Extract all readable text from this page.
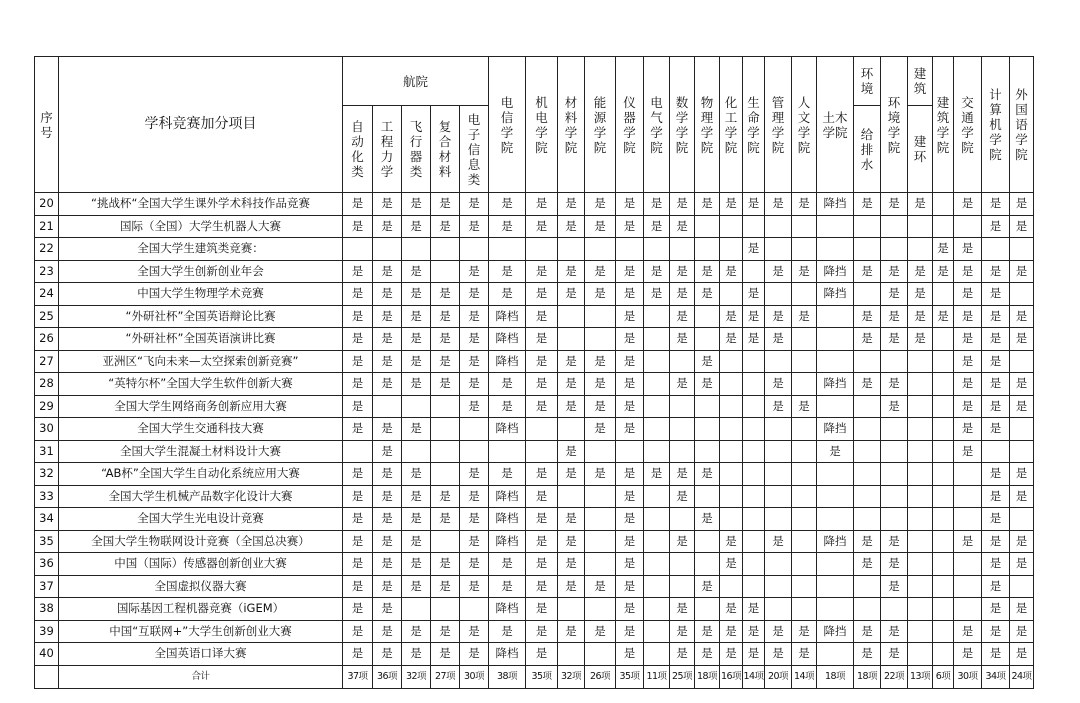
序号	学科竞赛加分项目	航院					电信学院	机电学院	材料学院	能源学院	仪器学院	电气学院	数学学院	物理学院	化工学院	生命学院	管理学院	人文学院	土木学院	环境	环境学院	建筑	建筑学院	交通学院	计算机学院	外国语学院
		自动化类	工程力学	飞行器类	复合材料	电子信息类														给排水		建环				
20	“挑战杯“全国大学生课外学术科技作品竞赛	是	是	是	是	是	是	是	是	是	是	是	是	是	是	是	是	是	降挡	是	是	是		是	是	是
21	国际（全国）大学生机器人大赛	是	是	是	是	是	是	是	是	是	是	是	是												是	是
22	全国大学生建筑类竞赛：															是							是	是		
23	全国大学生创新创业年会	是	是	是		是	是	是	是	是	是	是	是	是	是		是	是	降挡	是	是	是	是	是	是	是
24	中国大学生物理学术竞赛	是	是	是	是	是	是	是	是	是	是	是	是	是		是			降挡		是	是		是	是	
25	“外研社杯”全国英语辩论比赛	是	是	是	是	是	降档	是			是		是		是	是	是	是		是	是	是	是	是	是	是
26	“外研社杯”全国英语演讲比赛	是	是	是	是	是	降档	是			是		是		是	是	是			是	是	是		是	是	是
27	亚洲区“飞向未来—太空探索创新竞赛”	是	是	是	是	是	降档	是	是	是	是			是										是	是	
28	“英特尔杯”全国大学生软件创新大赛	是	是	是	是	是	是	是	是	是	是		是	是			是		降挡	是	是			是	是	是
29	全国大学生网络商务创新应用大赛	是				是	是	是	是	是	是						是	是			是			是	是	是
30	全国大学生交通科技大赛	是	是	是			降档			是	是								降挡					是	是	
31	全国大学生混凝土材料设计大赛		是						是										是					是		
32	“AB杯”全国大学生自动化系统应用大赛	是	是	是		是	是	是	是	是	是	是	是	是											是	是
33	全国大学生机械产品数字化设计大赛	是	是	是	是	是	降档	是			是		是												是	是
34	全国大学生光电设计竞赛	是	是	是	是	是	降档	是	是		是			是											是	
35	全国大学生物联网设计竞赛（全国总决赛）	是	是	是		是	降档	是	是		是		是		是		是		降挡	是	是			是	是	是
36	中国（国际）传感器创新创业大赛	是	是	是	是	是	是	是	是		是				是					是	是				是	是
37	全国虚拟仪器大赛	是	是	是	是	是	是	是	是	是	是			是							是				是	
38	国际基因工程机器竞赛（iGEM）	是	是				降档	是			是		是		是	是									是	是
39	中国“互联网+”大学生创新创业大赛	是	是	是	是	是	是	是	是	是	是		是	是	是	是	是	是	降挡	是	是			是	是	是
40	全国英语口译大赛	是	是	是	是	是	降档	是			是		是	是	是	是	是	是		是	是			是	是	是
	合计	37项	36项	32项	27项	30项	38项	35项	32项	26项	35项	11项	25项	18项	16项	14项	20项	14项	18项	18项	22项	13项	6项	30项	34项	24项
